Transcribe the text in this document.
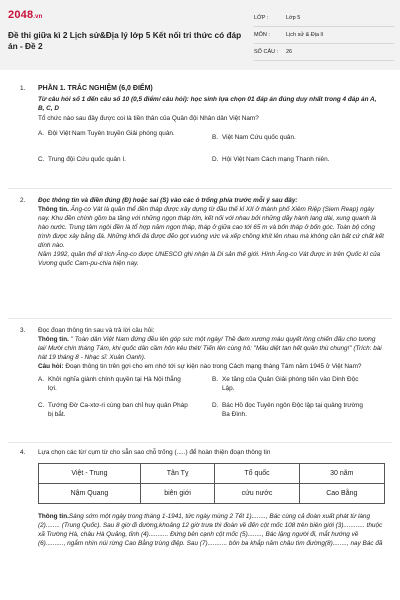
2048.vn
Đề thi giữa kì 2 Lịch sử&Địa lý lớp 5 Kết nối tri thức có đáp án - Đề 2
LỚP :	Lớp 5
MÔN :	Lịch sử & Địa lí
SỐ CÂU :	26
1. PHẦN 1. TRẮC NGHIỆM (6,0 ĐIỂM)
Từ câu hỏi số 1 đến câu số 10 (0,5 điểm/ câu hỏi): học sinh lựa chọn 01 đáp án đúng duy nhất trong 4 đáp án A, B, C, D
Tổ chức nào sau đây được coi là tiền thân của Quân đội Nhân dân Việt Nam?
A. Đội Việt Nam Tuyên truyền Giải phóng quân.
B. Việt Nam Cứu quốc quân.
C. Trung đội Cứu quốc quân I.	D. Hội Việt Nam Cách mạng Thanh niên.
2. Đọc thông tin và điền đúng (Đ) hoặc sai (S) vào các ô trống phía trước mỗi ý sau đây:
Thông tin. Ăng-co Vát là quần thể đền tháp được xây dựng từ đầu thế kỉ XII ở thành phố Xiêm Riệp (Siem Reap) ngày nay. Khu đền chính gồm ba tầng với những ngọn tháp lớn, kết nối với nhau bởi những dãy hành lang dài, xung quanh là hào nước. Trung tâm ngôi đền là tổ hợp năm ngọn tháp, tháp ở giữa cao tới 65 m và bốn tháp ở bốn góc. Toàn bộ công trình được xây bằng đá. Những khối đá được đẽo gọt vuông vức và xếp chồng khít lên nhau mà không cần bất cứ chất kết dính nào.
Năm 1992, quần thể di tích Ăng-co được UNESCO ghi nhận là Di sản thế giới. Hình Ăng-co Vát được in trên Quốc kì của Vương quốc Cam-pu-chia hiện nay.
3. Đọc đoạn thông tin sau và trả lời câu hỏi:
Thông tin. " Toàn dân Việt Nam đứng đều lên góp sức một ngày/ Thề đem xương máu quyết lòng chiến đấu cho tương lai/ Mười chín tháng Tám, khi quốc dân cầm hôn kêu thét/ Tiến lên cùng hô: "Màu diệt tan hết quân thù chung!" (Trích: bài hát 19 tháng 8 - Nhạc sĩ: Xuân Oanh).
Câu hỏi: Đoạn thông tin trên gợi cho em nhớ tới sự kiện nào trong Cách mạng tháng Tám năm 1945 ở Việt Nam?
A. Khởi nghĩa giành chính quyền tại Hà Nội thắng lợi.
B. Xe tăng của Quân Giải phóng tiến vào Dinh Độc Lập.
C. Tướng Đờ Ca-xtơ-ri cùng ban chỉ huy quân Pháp bị bắt.
D. Bác Hồ đọc Tuyên ngôn Độc lập tại quảng trường Ba Đình.
4. Lựa chọn các từ/ cụm từ cho sẵn sao chỗ trống (.....) để hoàn thiện đoạn thông tin
Việt - Trung	Tân Tỵ	Tổ quốc	30 năm
Nậm Quang	biên giới	cứu nước	Cao Bằng
Thông tin.Sáng sớm một ngày trong tháng 1-1941, tức ngày mùng 2 Tết 1)........, Bác cùng cả đoàn xuất phát từ làng (2)........ (Trung Quốc). Sau 8 giờ đi đường,khoảng 12 giờ trưa thì đoàn về đến cột mốc 108 trên biên giới (3)............ thuộc xã Trường Hà, châu Hà Quảng, tỉnh (4)........... Đứng bên cạnh cột mốc (5)........, Bác lặng người đi, mắt hướng về (6).........., ngắm nhìn núi rừng Cao Bằng trùng điệp. Sau (7)........... bôn ba khắp năm châu tìm đường(8)........, nay Bác đã
